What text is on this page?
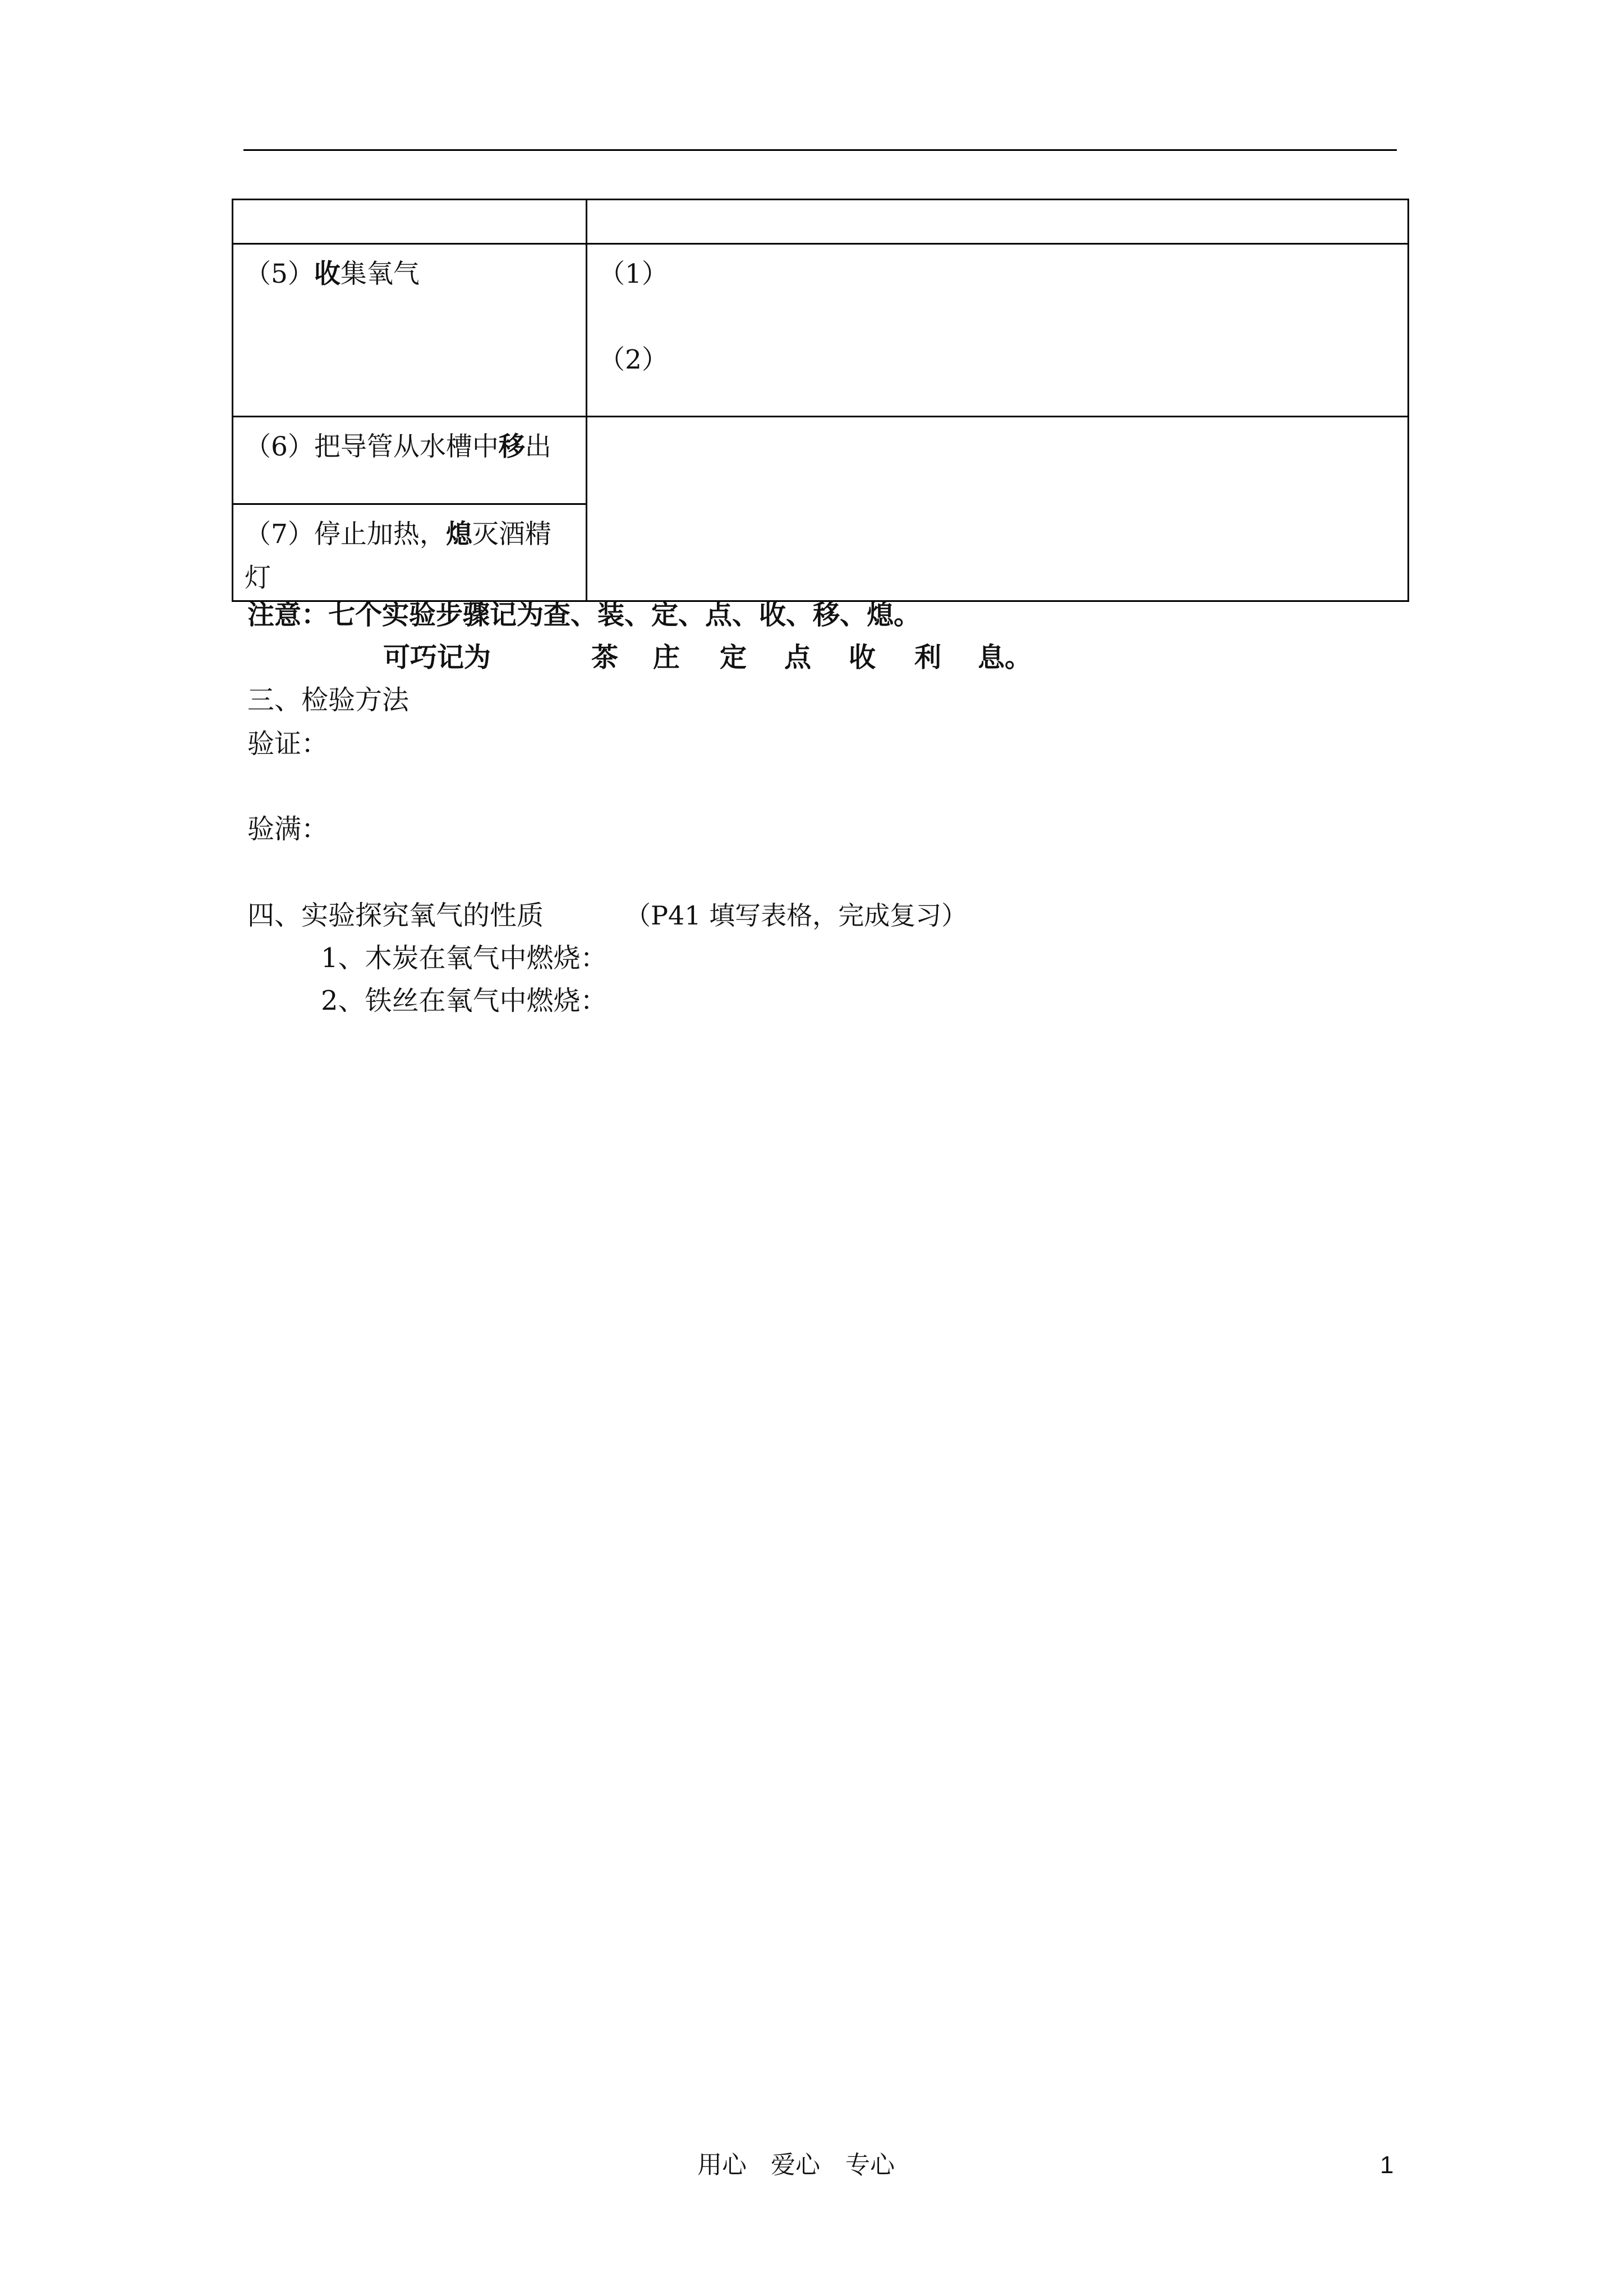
（5）收集氧气	（1）

（2）

（6）把导管从水槽中移出	
（7）停止加热，熄灭酒精灯	
注意：七个实验步骤记为查、装、定、点、收、移、熄。
可巧记为	茶 庄 定 点 收 利 息。
三、检验方法
验证：
验满：
四、实验探究氧气的性质	（P41 填写表格，完成复习）
1、木炭在氧气中燃烧：
2、铁丝在氧气中燃烧：
用心 爱心 专心	1
